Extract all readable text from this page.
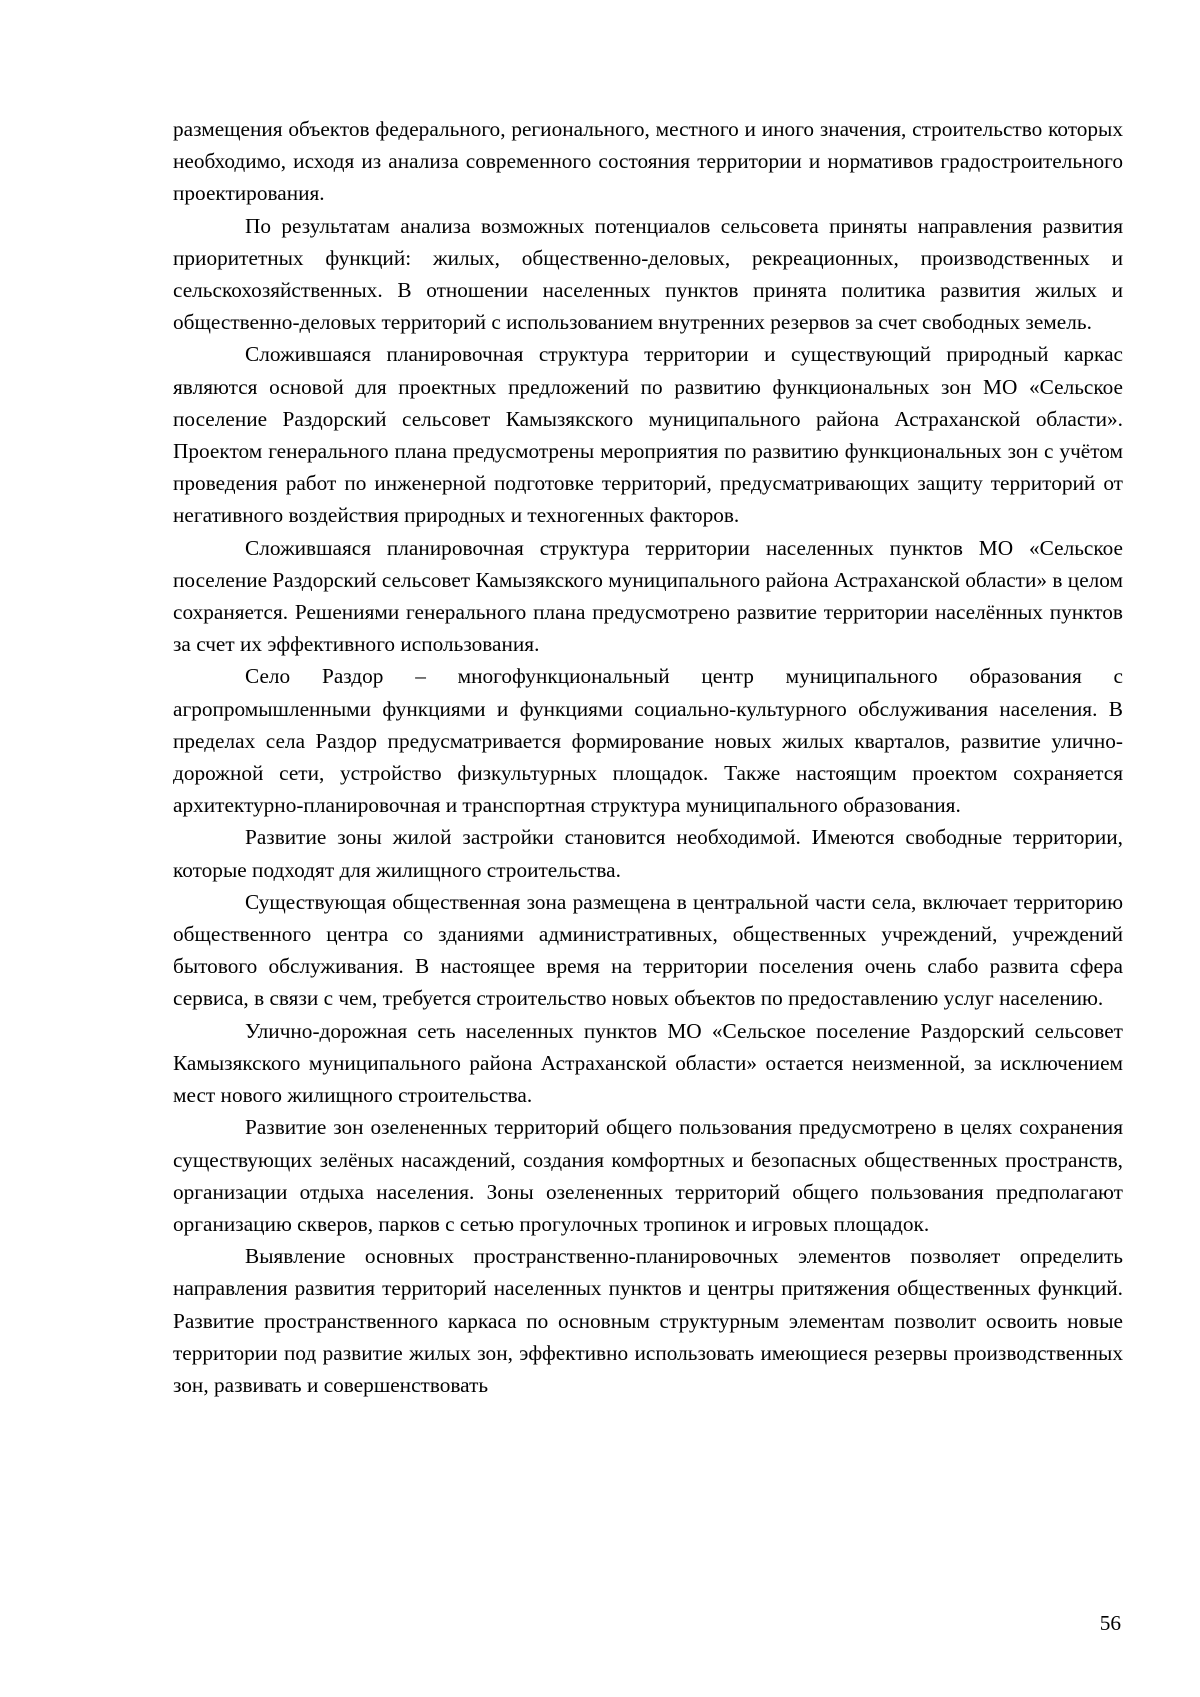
размещения объектов федерального, регионального, местного и иного значения, строительство которых необходимо, исходя из анализа современного состояния территории и нормативов градостроительного проектирования.

По результатам анализа возможных потенциалов сельсовета приняты направления развития приоритетных функций: жилых, общественно-деловых, рекреационных, производственных и сельскохозяйственных. В отношении населенных пунктов принята политика развития жилых и общественно-деловых территорий с использованием внутренних резервов за счет свободных земель.

Сложившаяся планировочная структура территории и существующий природный каркас являются основой для проектных предложений по развитию функциональных зон МО «Сельское поселение Раздорский сельсовет Камызякского муниципального района Астраханской области». Проектом генерального плана предусмотрены мероприятия по развитию функциональных зон с учётом проведения работ по инженерной подготовке территорий, предусматривающих защиту территорий от негативного воздействия природных и техногенных факторов.

Сложившаяся планировочная структура территории населенных пунктов МО «Сельское поселение Раздорский сельсовет Камызякского муниципального района Астраханской области» в целом сохраняется. Решениями генерального плана предусмотрено развитие территории населённых пунктов за счет их эффективного использования.

Село Раздор – многофункциональный центр муниципального образования с агропромышленными функциями и функциями социально-культурного обслуживания населения. В пределах села Раздор предусматривается формирование новых жилых кварталов, развитие улично-дорожной сети, устройство физкультурных площадок. Также настоящим проектом сохраняется архитектурно-планировочная и транспортная структура муниципального образования.

Развитие зоны жилой застройки становится необходимой. Имеются свободные территории, которые подходят для жилищного строительства.

Существующая общественная зона размещена в центральной части села, включает территорию общественного центра со зданиями административных, общественных учреждений, учреждений бытового обслуживания. В настоящее время на территории поселения очень слабо развита сфера сервиса, в связи с чем, требуется строительство новых объектов по предоставлению услуг населению.

Улично-дорожная сеть населенных пунктов МО «Сельское поселение Раздорский сельсовет Камызякского муниципального района Астраханской области» остается неизменной, за исключением мест нового жилищного строительства.

Развитие зон озелененных территорий общего пользования предусмотрено в целях сохранения существующих зелёных насаждений, создания комфортных и безопасных общественных пространств, организации отдыха населения. Зоны озелененных территорий общего пользования предполагают организацию скверов, парков с сетью прогулочных тропинок и игровых площадок.

Выявление основных пространственно-планировочных элементов позволяет определить направления развития территорий населенных пунктов и центры притяжения общественных функций. Развитие пространственного каркаса по основным структурным элементам позволит освоить новые территории под развитие жилых зон, эффективно использовать имеющиеся резервы производственных зон, развивать и совершенствовать

56
